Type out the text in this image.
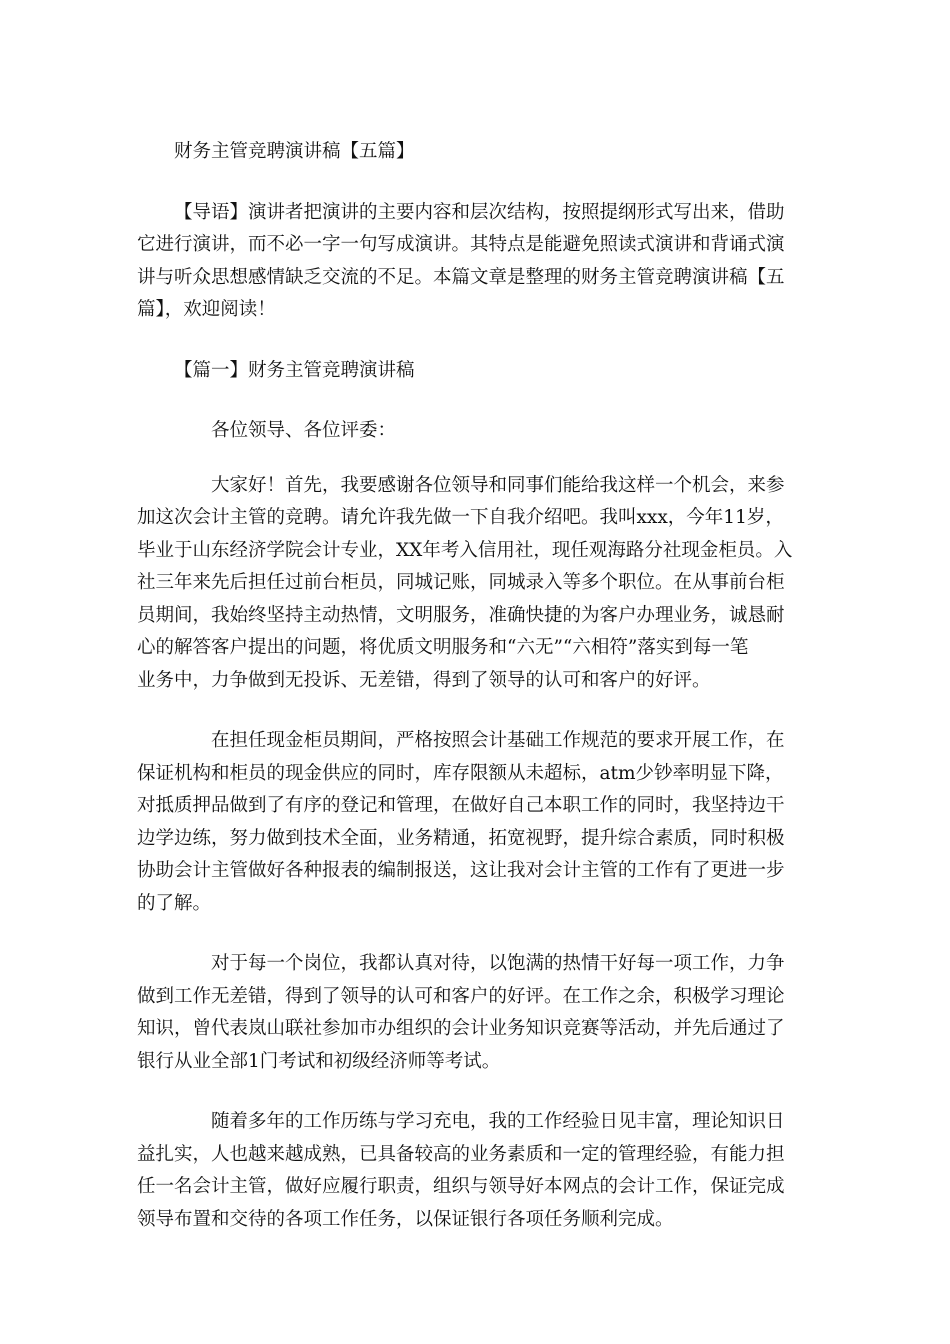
财务主管竞聘演讲稿【五篇】
【导语】演讲者把演讲的主要内容和层次结构，按照提纲形式写出来，借助
它进行演讲，而不必一字一句写成演讲。其特点是能避免照读式演讲和背诵式演
讲与听众思想感情缺乏交流的不足。本篇文章是整理的财务主管竞聘演讲稿【五
篇】，欢迎阅读！
【篇一】财务主管竞聘演讲稿
各位领导、各位评委：
大家好！首先，我要感谢各位领导和同事们能给我这样一个机会，来参
加这次会计主管的竞聘。请允许我先做一下自我介绍吧。我叫xxx，今年11岁，
毕业于山东经济学院会计专业，XX年考入信用社，现任观海路分社现金柜员。入
社三年来先后担任过前台柜员，同城记账，同城录入等多个职位。在从事前台柜
员期间，我始终坚持主动热情，文明服务，准确快捷的为客户办理业务，诚恳耐
心的解答客户提出的问题，将优质文明服务和“六无”“六相符”落实到每一笔
业务中，力争做到无投诉、无差错，得到了领导的认可和客户的好评。
在担任现金柜员期间，严格按照会计基础工作规范的要求开展工作，在
保证机构和柜员的现金供应的同时，库存限额从未超标，atm少钞率明显下降，
对抵质押品做到了有序的登记和管理，在做好自己本职工作的同时，我坚持边干
边学边练，努力做到技术全面，业务精通，拓宽视野，提升综合素质，同时积极
协助会计主管做好各种报表的编制报送，这让我对会计主管的工作有了更进一步
的了解。
对于每一个岗位，我都认真对待，以饱满的热情干好每一项工作，力争
做到工作无差错，得到了领导的认可和客户的好评。在工作之余，积极学习理论
知识，曾代表岚山联社参加市办组织的会计业务知识竞赛等活动，并先后通过了
银行从业全部1门考试和初级经济师等考试。
随着多年的工作历练与学习充电，我的工作经验日见丰富，理论知识日
益扎实，人也越来越成熟，已具备较高的业务素质和一定的管理经验，有能力担
任一名会计主管，做好应履行职责，组织与领导好本网点的会计工作，保证完成
领导布置和交待的各项工作任务，以保证银行各项任务顺利完成。
